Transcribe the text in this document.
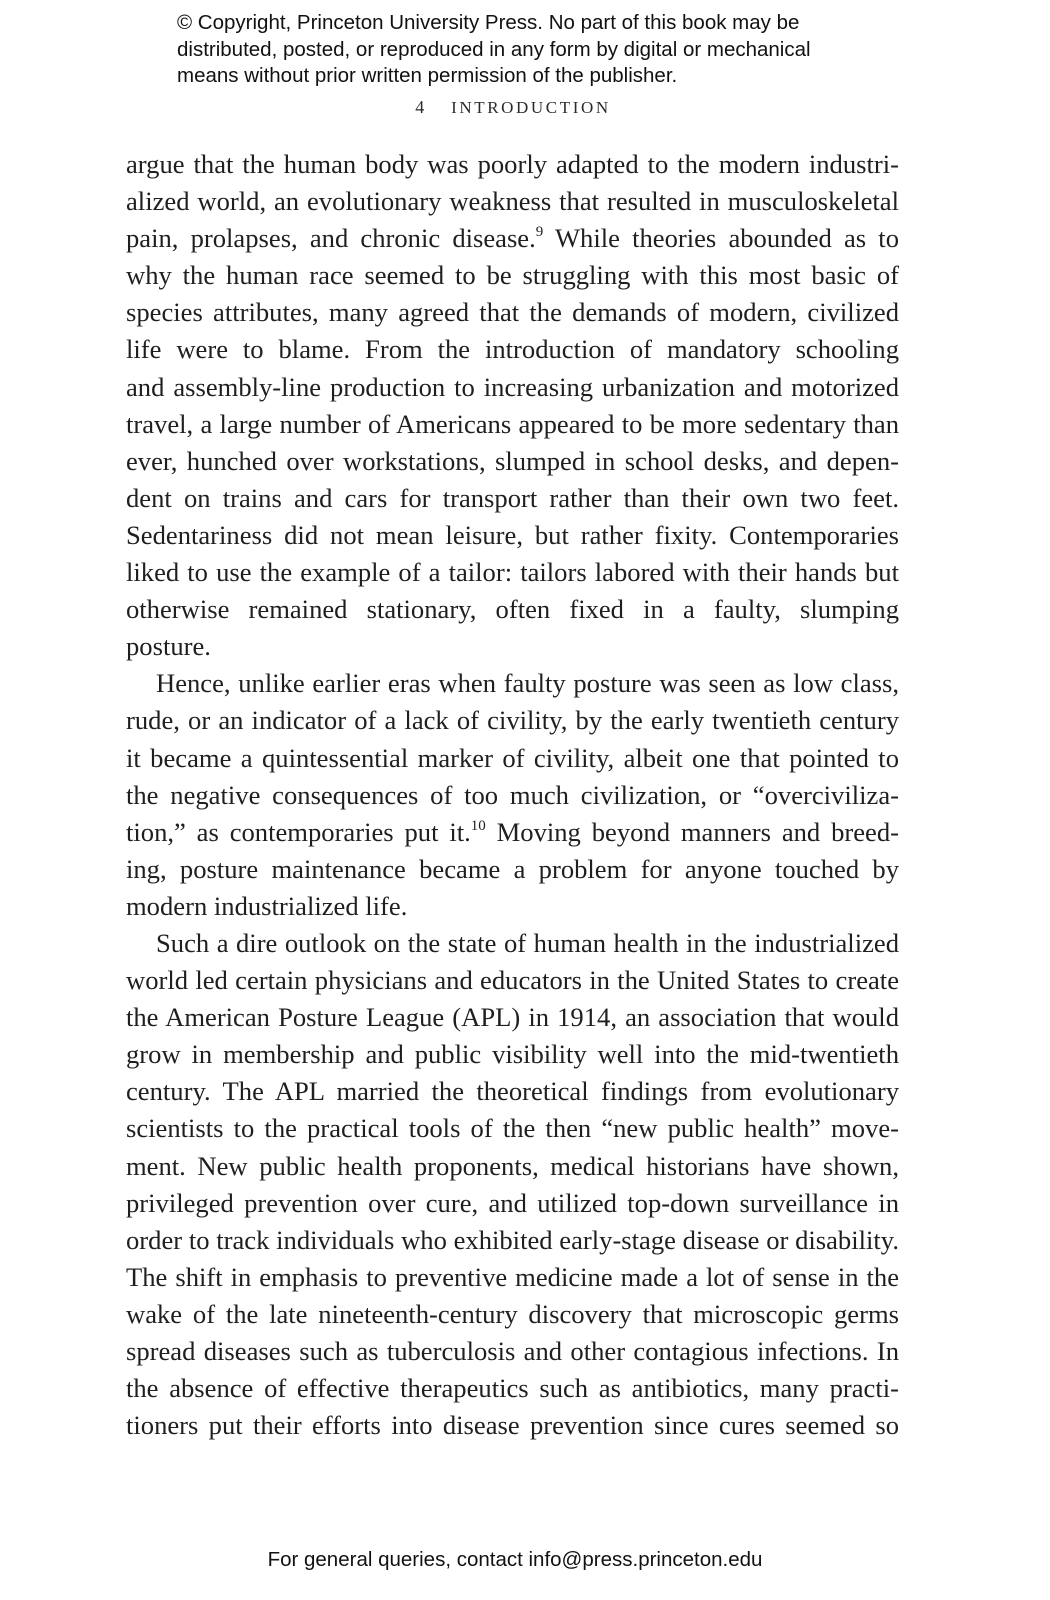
© Copyright, Princeton University Press. No part of this book may be
distributed, posted, or reproduced in any form by digital or mechanical
means without prior written permission of the publisher.
4 INTRODUCTION
argue that the human body was poorly adapted to the modern industri-
alized world, an evolutionary weakness that resulted in musculoskeletal
pain, prolapses, and chronic disease.$^9$ While theories abounded as to
why the human race seemed to be struggling with this most basic of
species attributes, many agreed that the demands of modern, civilized
life were to blame. From the introduction of mandatory schooling
and assembly-line production to increasing urbanization and motorized
travel, a large number of Americans appeared to be more sedentary than
ever, hunched over workstations, slumped in school desks, and depen-
dent on trains and cars for transport rather than their own two feet.
Sedentariness did not mean leisure, but rather fixity. Contemporaries
liked to use the example of a tailor: tailors labored with their hands but
otherwise remained stationary, often fixed in a faulty, slumping
posture.
Hence, unlike earlier eras when faulty posture was seen as low class,
rude, or an indicator of a lack of civility, by the early twentieth century
it became a quintessential marker of civility, albeit one that pointed to
the negative consequences of too much civilization, or “overciviliza-
tion,” as contemporaries put it.$^{10}$ Moving beyond manners and breed-
ing, posture maintenance became a problem for anyone touched by
modern industrialized life.
Such a dire outlook on the state of human health in the industrialized
world led certain physicians and educators in the United States to create
the American Posture League (APL) in 1914, an association that would
grow in membership and public visibility well into the mid-twentieth
century. The APL married the theoretical findings from evolutionary
scientists to the practical tools of the then “new public health” move-
ment. New public health proponents, medical historians have shown,
privileged prevention over cure, and utilized top-down surveillance in
order to track individuals who exhibited early-stage disease or disability.
The shift in emphasis to preventive medicine made a lot of sense in the
wake of the late nineteenth-century discovery that microscopic germs
spread diseases such as tuberculosis and other contagious infections. In
the absence of effective therapeutics such as antibiotics, many practi-
tioners put their efforts into disease prevention since cures seemed so
For general queries, contact info@press.princeton.edu
